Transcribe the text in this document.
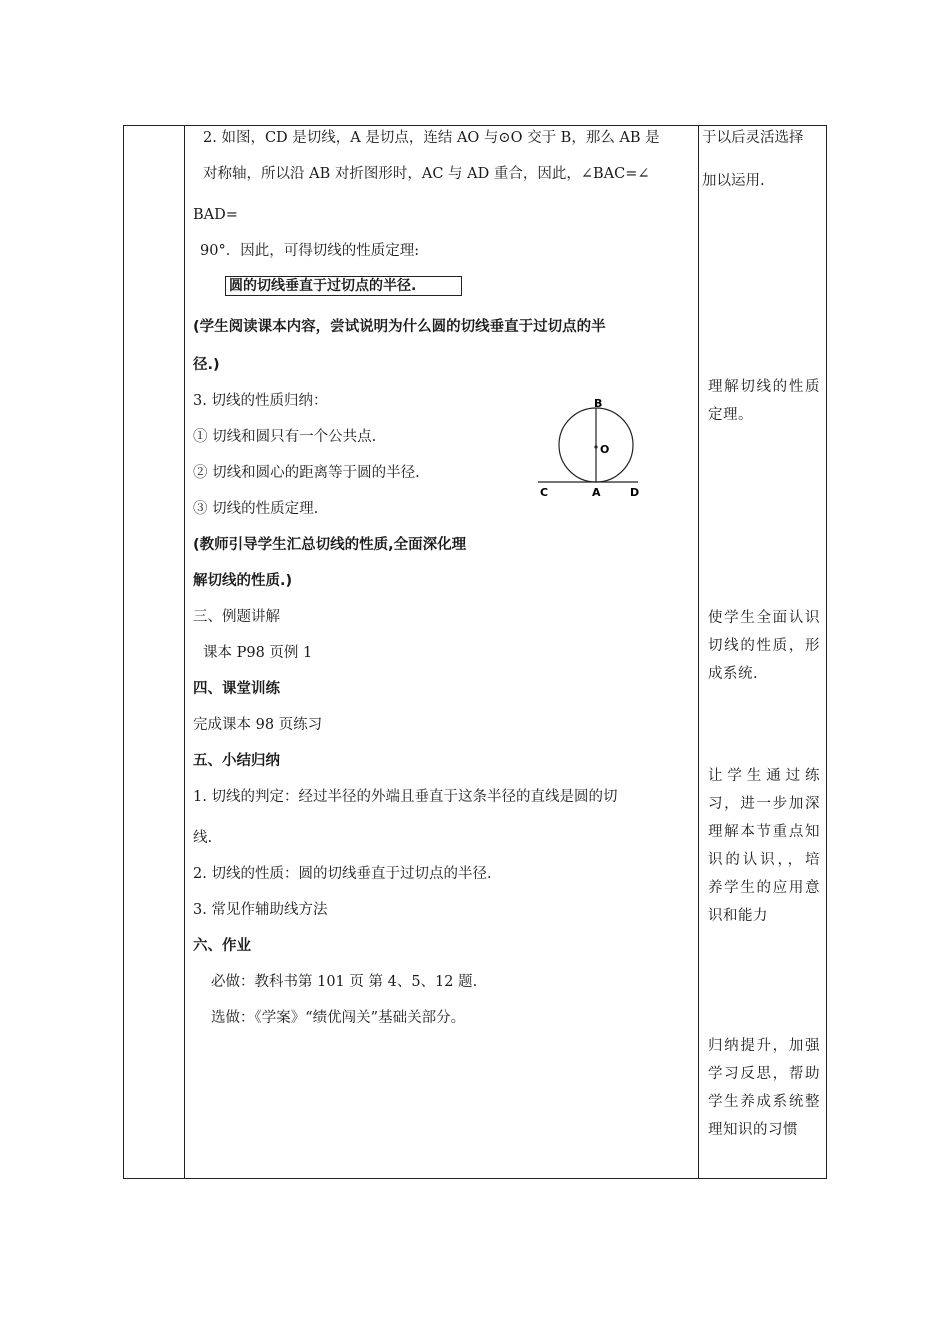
2. 如图，CD 是切线，A 是切点，连结 AO 与⊙O 交于 B，那么 AB 是
对称轴，所以沿 AB 对折图形时，AC 与 AD 重合，因此，∠BAC=∠
BAD=
90°．因此，可得切线的性质定理:
圆的切线垂直于过切点的半径.
(学生阅读课本内容，尝试说明为什么圆的切线垂直于过切点的半
径.)
3. 切线的性质归纳：
① 切线和圆只有一个公共点.
② 切线和圆心的距离等于圆的半径.
③ 切线的性质定理.
(教师引导学生汇总切线的性质,全面深化理
解切线的性质.)
三、例题讲解
课本 P98 页例 1
四、课堂训练
完成课本 98 页练习
五、小结归纳
1. 切线的判定：经过半径的外端且垂直于这条半径的直线是圆的切
线.
2. 切线的性质：圆的切线垂直于过切点的半径.
3. 常见作辅助线方法
六、作业
必做：教科书第 101 页 第 4、5、12 题.
选做：《学案》“绩优闯关”基础关部分。
B
O
C	A	D
于以后灵活选择
加以运用.
理解切线的性质　定理。
使学生全面认识切线的性质，形成系统.
让学生通过练习，进一步加深理解本节重点知识的认识，，培养学生的应用意识和能力
归纳提升，加强学习反思，帮助学生养成系统整理知识的习惯
